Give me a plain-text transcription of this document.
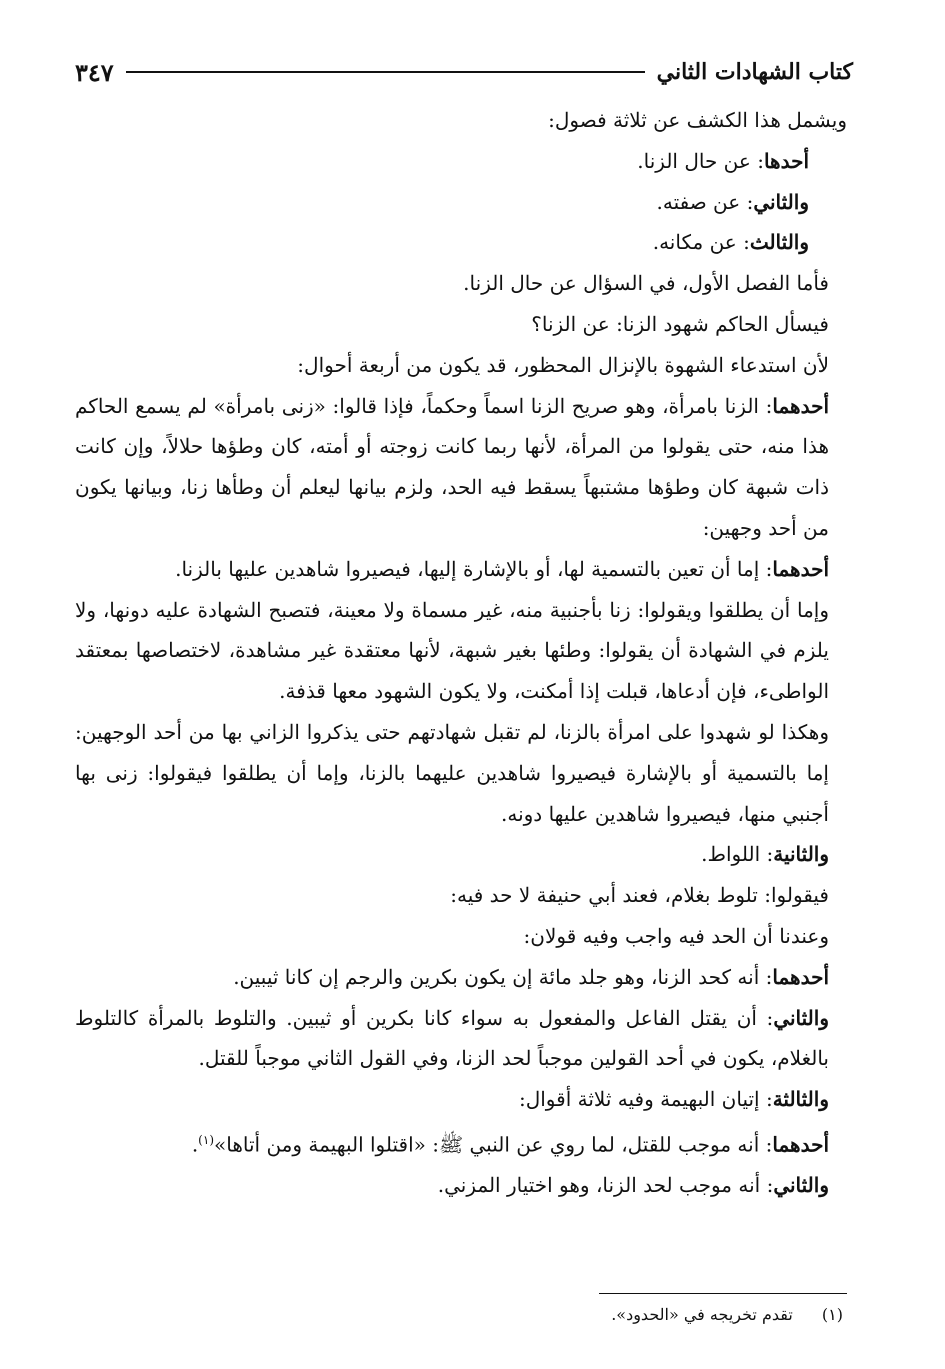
كتاب الشهادات الثاني
٣٤٧

ويشمل هذا الكشف عن ثلاثة فصول:

أحدها: عن حال الزنا.

والثاني: عن صفته.

والثالث: عن مكانه.

فأما الفصل الأول، في السؤال عن حال الزنا.

فيسأل الحاكم شهود الزنا: عن الزنا؟

لأن استدعاء الشهوة بالإنزال المحظور، قد يكون من أربعة أحوال:

أحدهما: الزنا بامرأة، وهو صريح الزنا اسماً وحكماً، فإذا قالوا: «زنى بامرأة» لم يسمع الحاكم هذا منه، حتى يقولوا من المرأة، لأنها ربما كانت زوجته أو أمته، كان وطؤها حلالاً، وإن كانت ذات شبهة كان وطؤها مشتبهاً يسقط فيه الحد، ولزم بيانها ليعلم أن وطأها زنا، وبيانها يكون من أحد وجهين:

أحدهما: إما أن تعين بالتسمية لها، أو بالإشارة إليها، فيصيروا شاهدين عليها بالزنا.

وإما أن يطلقوا ويقولوا: زنا بأجنبية منه، غير مسماة ولا معينة، فتصبح الشهادة عليه دونها، ولا يلزم في الشهادة أن يقولوا: وطئها بغير شبهة، لأنها معتقدة غير مشاهدة، لاختصاصها بمعتقد الواطىء، فإن أدعاها، قبلت إذا أمكنت، ولا يكون الشهود معها قذفة.

وهكذا لو شهدوا على امرأة بالزنا، لم تقبل شهادتهم حتى يذكروا الزاني بها من أحد الوجهين: إما بالتسمية أو بالإشارة فيصيروا شاهدين عليهما بالزنا، وإما أن يطلقوا فيقولوا: زنى بها أجنبي منها، فيصيروا شاهدين عليها دونه.

والثانية: اللواط.

فيقولوا: تلوط بغلام، فعند أبي حنيفة لا حد فيه:

وعندنا أن الحد فيه واجب وفيه قولان:

أحدهما: أنه كحد الزنا، وهو جلد مائة إن يكون بكرين والرجم إن كانا ثيبين.

والثاني: أن يقتل الفاعل والمفعول به سواء كانا بكرين أو ثيبين. والتلوط بالمرأة كالتلوط بالغلام، يكون في أحد القولين موجباً لحد الزنا، وفي القول الثاني موجباً للقتل.

والثالثة: إتيان البهيمة وفيه ثلاثة أقوال:

أحدهما: أنه موجب للقتل، لما روي عن النبي ﷺ: «اقتلوا البهيمة ومن أتاها»$^{(١)}$.

والثاني: أنه موجب لحد الزنا، وهو اختيار المزني.

(١) تقدم تخريجه في «الحدود».
